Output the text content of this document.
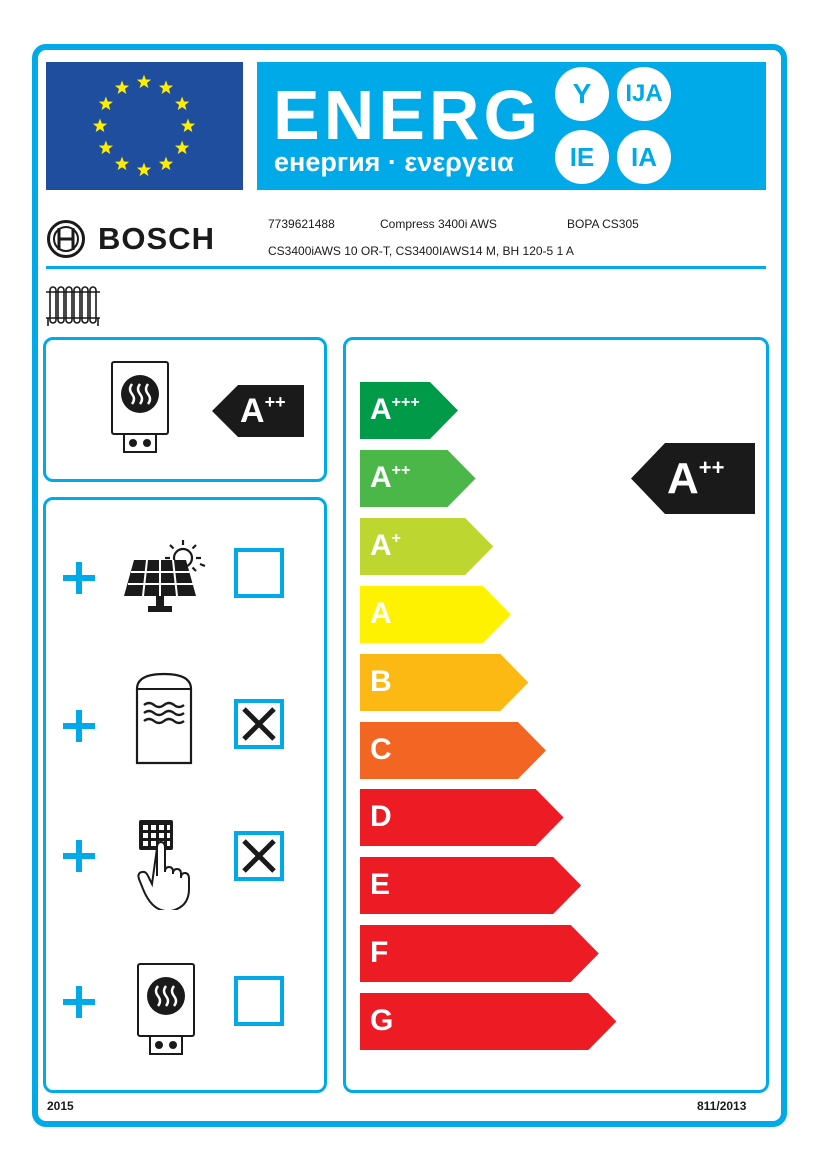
ENERG
енергия · ενεργεια
Y	IJA
IE	IA
BOSCH	7739621488	Compress 3400i AWS	BOPA CS305
CS3400iAWS 10 OR-T, CS3400IAWS14 M, BH 120-5 1 A
A++	A+++
A++
A+
A
B
C
D
E
F
G
A++
2015	811/2013
